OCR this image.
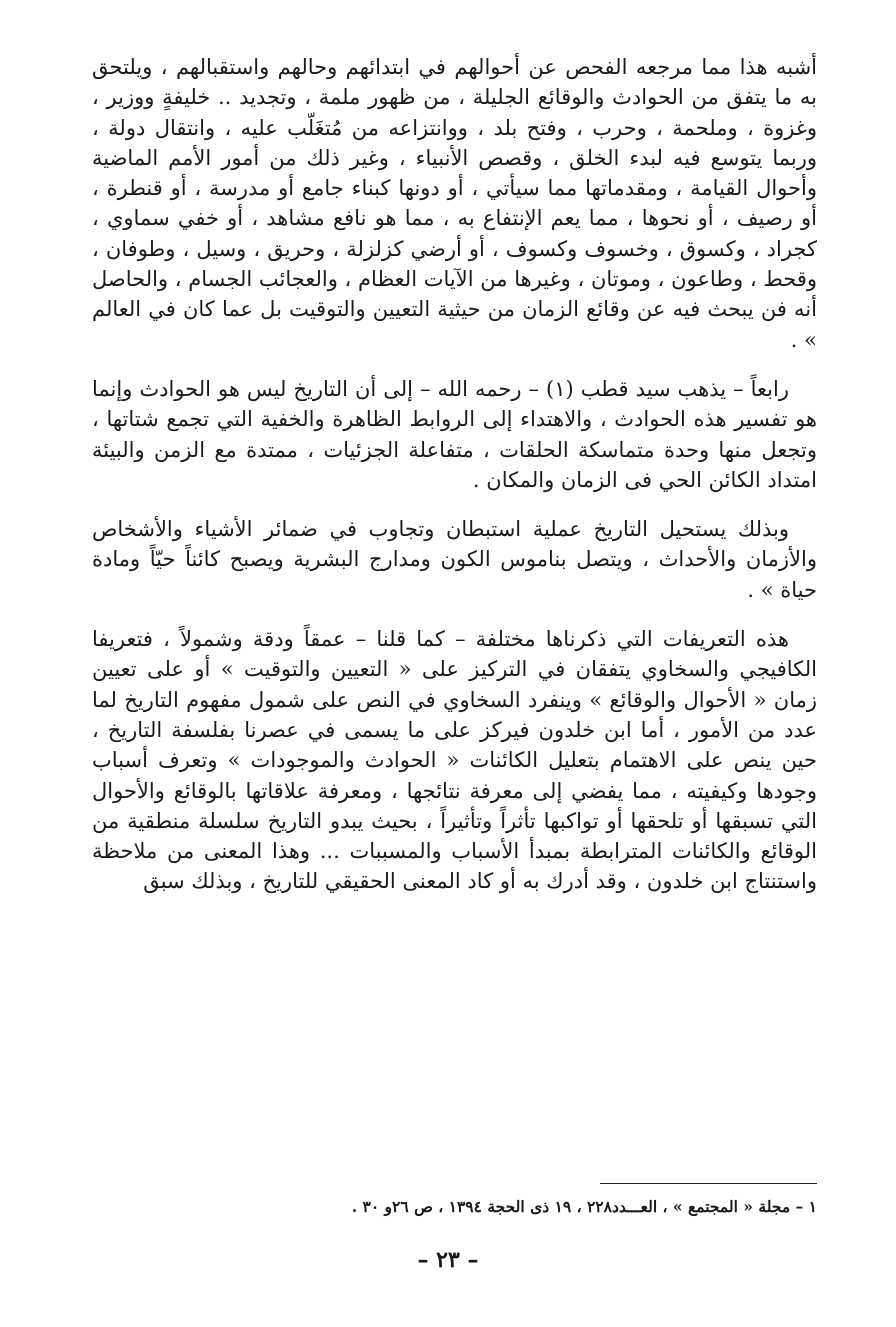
أشبه هذا مما مرجعه الفحص عن أحوالهم في ابتدائهم وحالهم واستقبالهم ، ويلتحق به ما يتفق من الحوادث والوقائع الجليلة ، من ظهور ملمة ، وتجديد .. خليفةٍ ووزير ، وغزوة ، وملحمة ، وحرب ، وفتح بلد ، ووانتزاعه من مُتغَلّب عليه ، وانتقال دولة ، وربما يتوسع فيه لبدء الخلق ، وقصص الأنبياء ، وغير ذلك من أمور الأمم الماضية وأحوال القيامة ، ومقدماتها مما سيأتي ، أو دونها كبناء جامع أو مدرسة ، أو قنطرة ، أو رصيف ، أو نحوها ، مما يعم الإنتفاع به ، مما هو نافع مشاهد ، أو خفي سماوي ، كجراد ، وكسوق ، وخسوف وكسوف ، أو أرضي كزلزلة ، وحريق ، وسيل ، وطوفان ، وقحط ، وطاعون ، وموتان ، وغيرها من الآيات العظام ، والعجائب الجسام ، والحاصل أنه فن يبحث فيه عن وقائع الزمان من حيثية التعيين والتوقيت بل عما كان في العالم » .

رابعاً – يذهب سيد قطب (١) – رحمه الله – إلى أن التاريخ ليس هو الحوادث وإنما هو تفسير هذه الحوادث ، والاهتداء إلى الروابط الظاهرة والخفية التي تجمع شتاتها ، وتجعل منها وحدة متماسكة الحلقات ، متفاعلة الجزئيات ، ممتدة مع الزمن والبيئة امتداد الكائن الحي فى الزمان والمكان .

وبذلك يستحيل التاريخ عملية استبطان وتجاوب في ضمائر الأشياء والأشخاص والأزمان والأحداث ، ويتصل بناموس الكون ومدارج البشرية ويصبح كائناً حيّاً ومادة حياة » .

هذه التعريفات التي ذكرناها مختلفة – كما قلنا – عمقاً ودقة وشمولاً ، فتعريفا الكافيجي والسخاوي يتفقان في التركيز على « التعيين والتوقيت » أو على تعيين زمان « الأحوال والوقائع » وينفرد السخاوي في النص على شمول مفهوم التاريخ لما عدد من الأمور ، أما ابن خلدون فيركز على ما يسمى في عصرنا بفلسفة التاريخ ، حين ينص على الاهتمام بتعليل الكائنات « الحوادث والموجودات » وتعرف أسباب وجودها وكيفيته ، مما يفضي إلى معرفة نتائجها ، ومعرفة علاقاتها بالوقائع والأحوال التي تسبقها أو تلحقها أو تواكبها تأثراً وتأثيراً ، بحيث يبدو التاريخ سلسلة منطقية من الوقائع والكائنات المترابطة بمبدأ الأسباب والمسببات ... وهذا المعنى من ملاحظة واستنتاج ابن خلدون ، وقد أدرك به أو كاد المعنى الحقيقي للتاريخ ، وبذلك سبق

١ – مجلة « المجتمع » ، العـــدد٢٢٨ ، ١٩ ذى الحجة ١٣٩٤ ، ص ٢٦و ٣٠ .
– ٢٣ –
